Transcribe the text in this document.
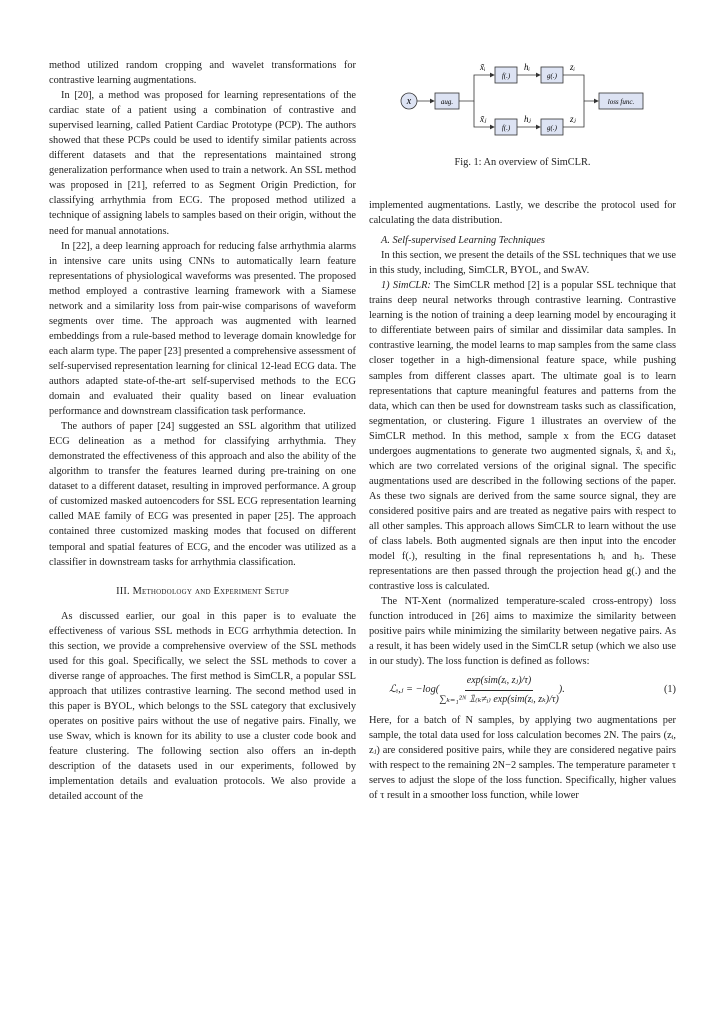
method utilized random cropping and wavelet transformations for contrastive learning augmentations.

In [20], a method was proposed for learning representations of the cardiac state of a patient using a combination of contrastive and supervised learning, called Patient Cardiac Prototype (PCP). The authors showed that these PCPs could be used to identify similar patients across different datasets and that the representations maintained strong generalization performance when used to train a network. An SSL method was proposed in [21], referred to as Segment Origin Prediction, for classifying arrhythmia from ECG. The proposed method utilized a technique of assigning labels to samples based on their origin, without the need for manual annotations.

In [22], a deep learning approach for reducing false arrhythmia alarms in intensive care units using CNNs to automatically learn feature representations of physiological waveforms was presented. The proposed method employed a contrastive learning framework with a Siamese network and a similarity loss from pair-wise comparisons of waveform segments over time. The approach was augmented with learned embeddings from a rule-based method to leverage domain knowledge for each alarm type. The paper [23] presented a comprehensive assessment of self-supervised representation learning for clinical 12-lead ECG data. The authors adapted state-of-the-art self-supervised methods to the ECG domain and evaluated their quality based on linear evaluation performance and downstream classification task performance.

The authors of paper [24] suggested an SSL algorithm that utilized ECG delineation as a method for classifying arrhythmia. They demonstrated the effectiveness of this approach and also the ability of the algorithm to transfer the features learned during pre-training on one dataset to a different dataset, resulting in improved performance. A group of customized masked autoencoders for SSL ECG representation learning called MAE family of ECG was presented in paper [25]. The approach contained three customized masking modes that focused on different temporal and spatial features of ECG, and the encoder was utilized as a classifier in downstream tasks for arrhythmia classification.

III. Methodology and Experiment Setup

As discussed earlier, our goal in this paper is to evaluate the effectiveness of various SSL methods in ECG arrhythmia detection. In this section, we provide a comprehensive overview of the SSL methods used for this goal. Specifically, we select the SSL methods to cover a diverse range of approaches. The first method is SimCLR, a popular SSL approach that utilizes contrastive learning. The second method used in this paper is BYOL, which belongs to the SSL category that exclusively operates on positive pairs without the use of negative pairs. Finally, we use Swav, which is known for its ability to use a cluster code book and feature clustering. The following section also offers an in-depth description of the datasets used in our experiments, followed by implementation details and evaluation protocols. We also provide a detailed account of the

x	aug.
f(.)	g(.)
f(.)	g(.)
loss func.
x̃ᵢ	hᵢ	zᵢ
x̃ⱼ	hⱼ	zⱼ
Fig. 1: An overview of SimCLR.

implemented augmentations. Lastly, we describe the protocol used for calculating the data distribution.

A. Self-supervised Learning Techniques

In this section, we present the details of the SSL techniques that we use in this study, including, SimCLR, BYOL, and SwAV.

1) SimCLR: The SimCLR method [2] is a popular SSL technique that trains deep neural networks through contrastive learning. Contrastive learning is the notion of training a deep learning model by encouraging it to differentiate between pairs of similar and dissimilar data samples. In contrastive learning, the model learns to map samples from the same class closer together in a high-dimensional feature space, while pushing samples from different classes apart. The ultimate goal is to learn representations that capture meaningful features and patterns from the data, which can then be used for downstream tasks such as classification, segmentation, or clustering. Figure 1 illustrates an overview of the SimCLR method. In this method, sample x from the ECG dataset undergoes augmentations to generate two augmented signals, x̃ᵢ and x̃ⱼ, which are two correlated versions of the original signal. The specific augmentations used are described in the following sections of the paper. As these two signals are derived from the same source signal, they are considered positive pairs and are treated as negative pairs with respect to all other samples. This approach allows SimCLR to learn without the use of class labels. Both augmented signals are then input into the encoder model f(.), resulting in the final representations hᵢ and hⱼ. These representations are then passed through the projection head g(.) and the contrastive loss is calculated.

The NT-Xent (normalized temperature-scaled cross-entropy) loss function introduced in [26] aims to maximize the similarity between positive pairs while minimizing the similarity between negative pairs. As a result, it has been widely used in the SimCLR setup (which we also use in our study). The loss function is defined as follows:

ℒᵢ,ⱼ = $-\log( \frac{\text{exp(sim(zᵢ, zⱼ)/τ)}}{\text{∑ₖ₌₁²ᴺ 𝟙₍ₖ≠ᵢ₎ exp(sim(zᵢ, zₖ)/τ)}}$ ).	(1)

Here, for a batch of N samples, by applying two augmentations per sample, the total data used for loss calculation becomes 2N. The pairs (zᵢ, zⱼ) are considered positive pairs, while they are considered negative pairs with respect to the remaining 2N−2 samples. The temperature parameter τ serves to adjust the slope of the loss function. Specifically, higher values of τ result in a smoother loss function, while lower
